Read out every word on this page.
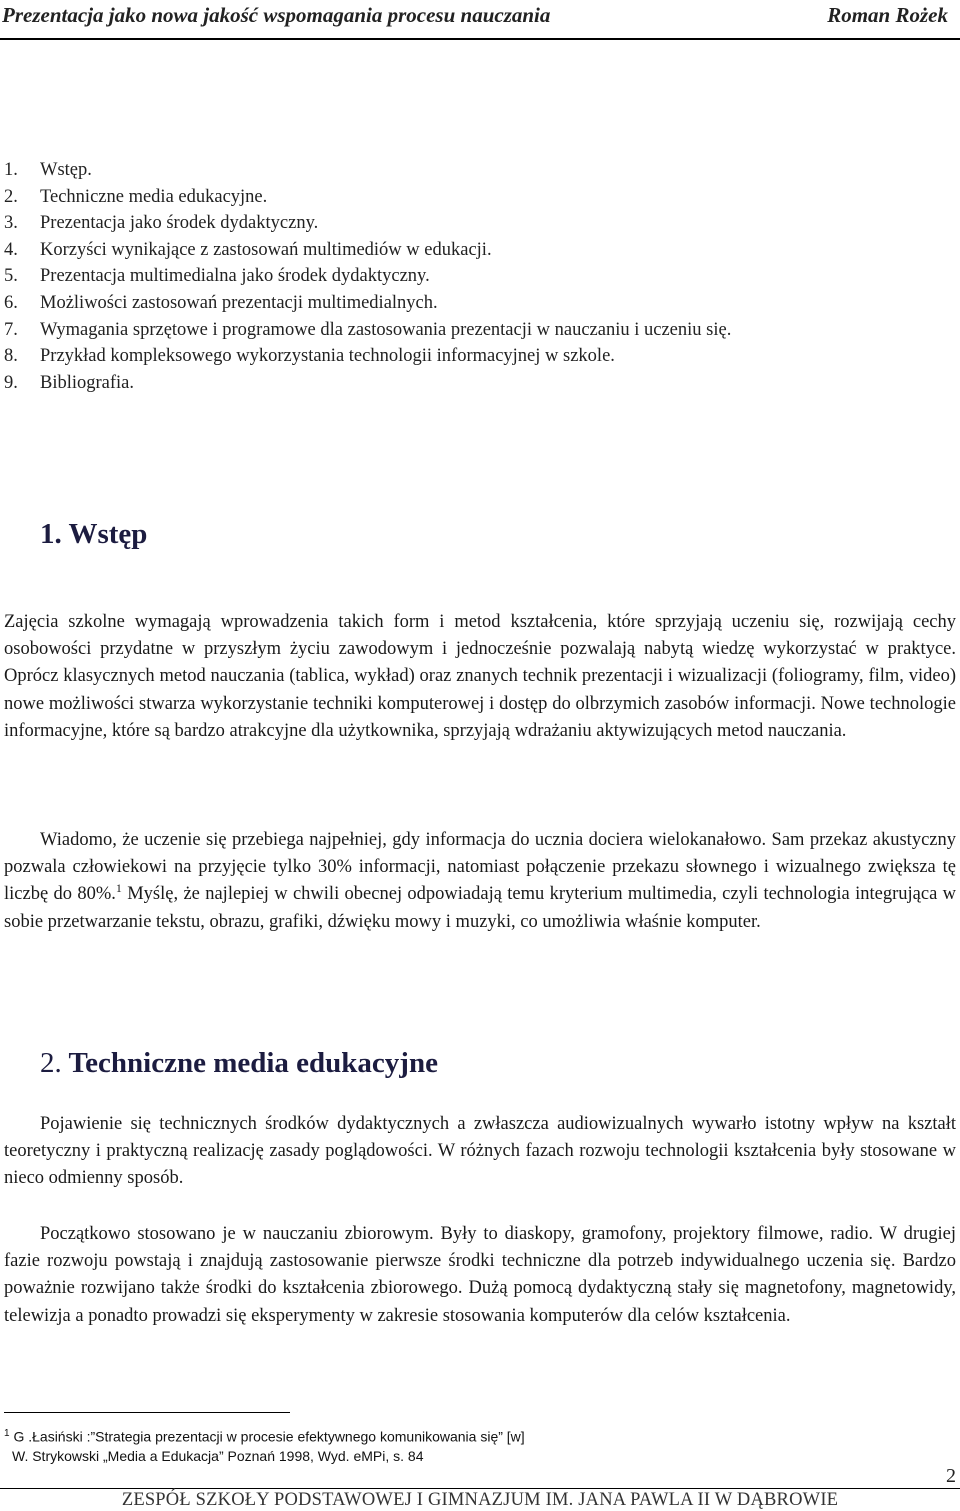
Prezentacja jako nowa jakość wspomagania procesu nauczania	Roman Rożek
1. Wstęp.
2. Techniczne media edukacyjne.
3. Prezentacja jako środek dydaktyczny.
4. Korzyści wynikające z zastosowań multimediów w edukacji.
5. Prezentacja multimedialna jako środek dydaktyczny.
6. Możliwości zastosowań prezentacji multimedialnych.
7. Wymagania sprzętowe i programowe dla zastosowania prezentacji w nauczaniu i uczeniu się.
8. Przykład kompleksowego wykorzystania technologii informacyjnej w szkole.
9. Bibliografia.
1. Wstęp

Zajęcia szkolne wymagają wprowadzenia takich form i metod kształcenia, które sprzyjają uczeniu się, rozwijają cechy osobowości przydatne w przyszłym życiu zawodowym i jednocześnie pozwalają nabytą wiedzę wykorzystać w praktyce. Oprócz klasycznych metod nauczania (tablica, wykład) oraz znanych technik prezentacji i wizualizacji (foliogramy, film, video) nowe możliwości stwarza wykorzystanie techniki komputerowej i dostęp do olbrzymich zasobów informacji. Nowe technologie informacyjne, które są bardzo atrakcyjne dla użytkownika, sprzyjają wdrażaniu aktywizujących metod nauczania.

Wiadomo, że uczenie się przebiega najpełniej, gdy informacja do ucznia dociera wielokanałowo. Sam przekaz akustyczny pozwala człowiekowi na przyjęcie tylko 30% informacji, natomiast połączenie przekazu słownego i wizualnego zwiększa tę liczbę do 80%.$^1$ Myślę, że najlepiej w chwili obecnej odpowiadają temu kryterium multimedia, czyli technologia integrująca w sobie przetwarzanie tekstu, obrazu, grafiki, dźwięku mowy i muzyki, co umożliwia właśnie komputer.

2. Techniczne media edukacyjne

Pojawienie się technicznych środków dydaktycznych a zwłaszcza audiowizualnych wywarło istotny wpływ na kształt teoretyczny i praktyczną realizację zasady poglądowości. W różnych fazach rozwoju technologii kształcenia były stosowane w nieco odmienny sposób.

Początkowo stosowano je w nauczaniu zbiorowym. Były to diaskopy, gramofony, projektory filmowe, radio. W drugiej fazie rozwoju powstają i znajdują zastosowanie pierwsze środki techniczne dla potrzeb indywidualnego uczenia się. Bardzo poważnie rozwijano także środki do kształcenia zbiorowego. Dużą pomocą dydaktyczną stały się magnetofony, magnetowidy, telewizja a ponadto prowadzi się eksperymenty w zakresie stosowania komputerów dla celów kształcenia.

$^1$ G .Łasiński :”Strategia prezentacji w procesie efektywnego komunikowania się” [w]
W. Strykowski „Media a Edukacja” Poznań 1998, Wyd. eMPi, s. 84
2
ZESPÓŁ SZKOŁY PODSTAWOWEJ I GIMNAZJUM IM. JANA PAWLA II W DĄBROWIE
